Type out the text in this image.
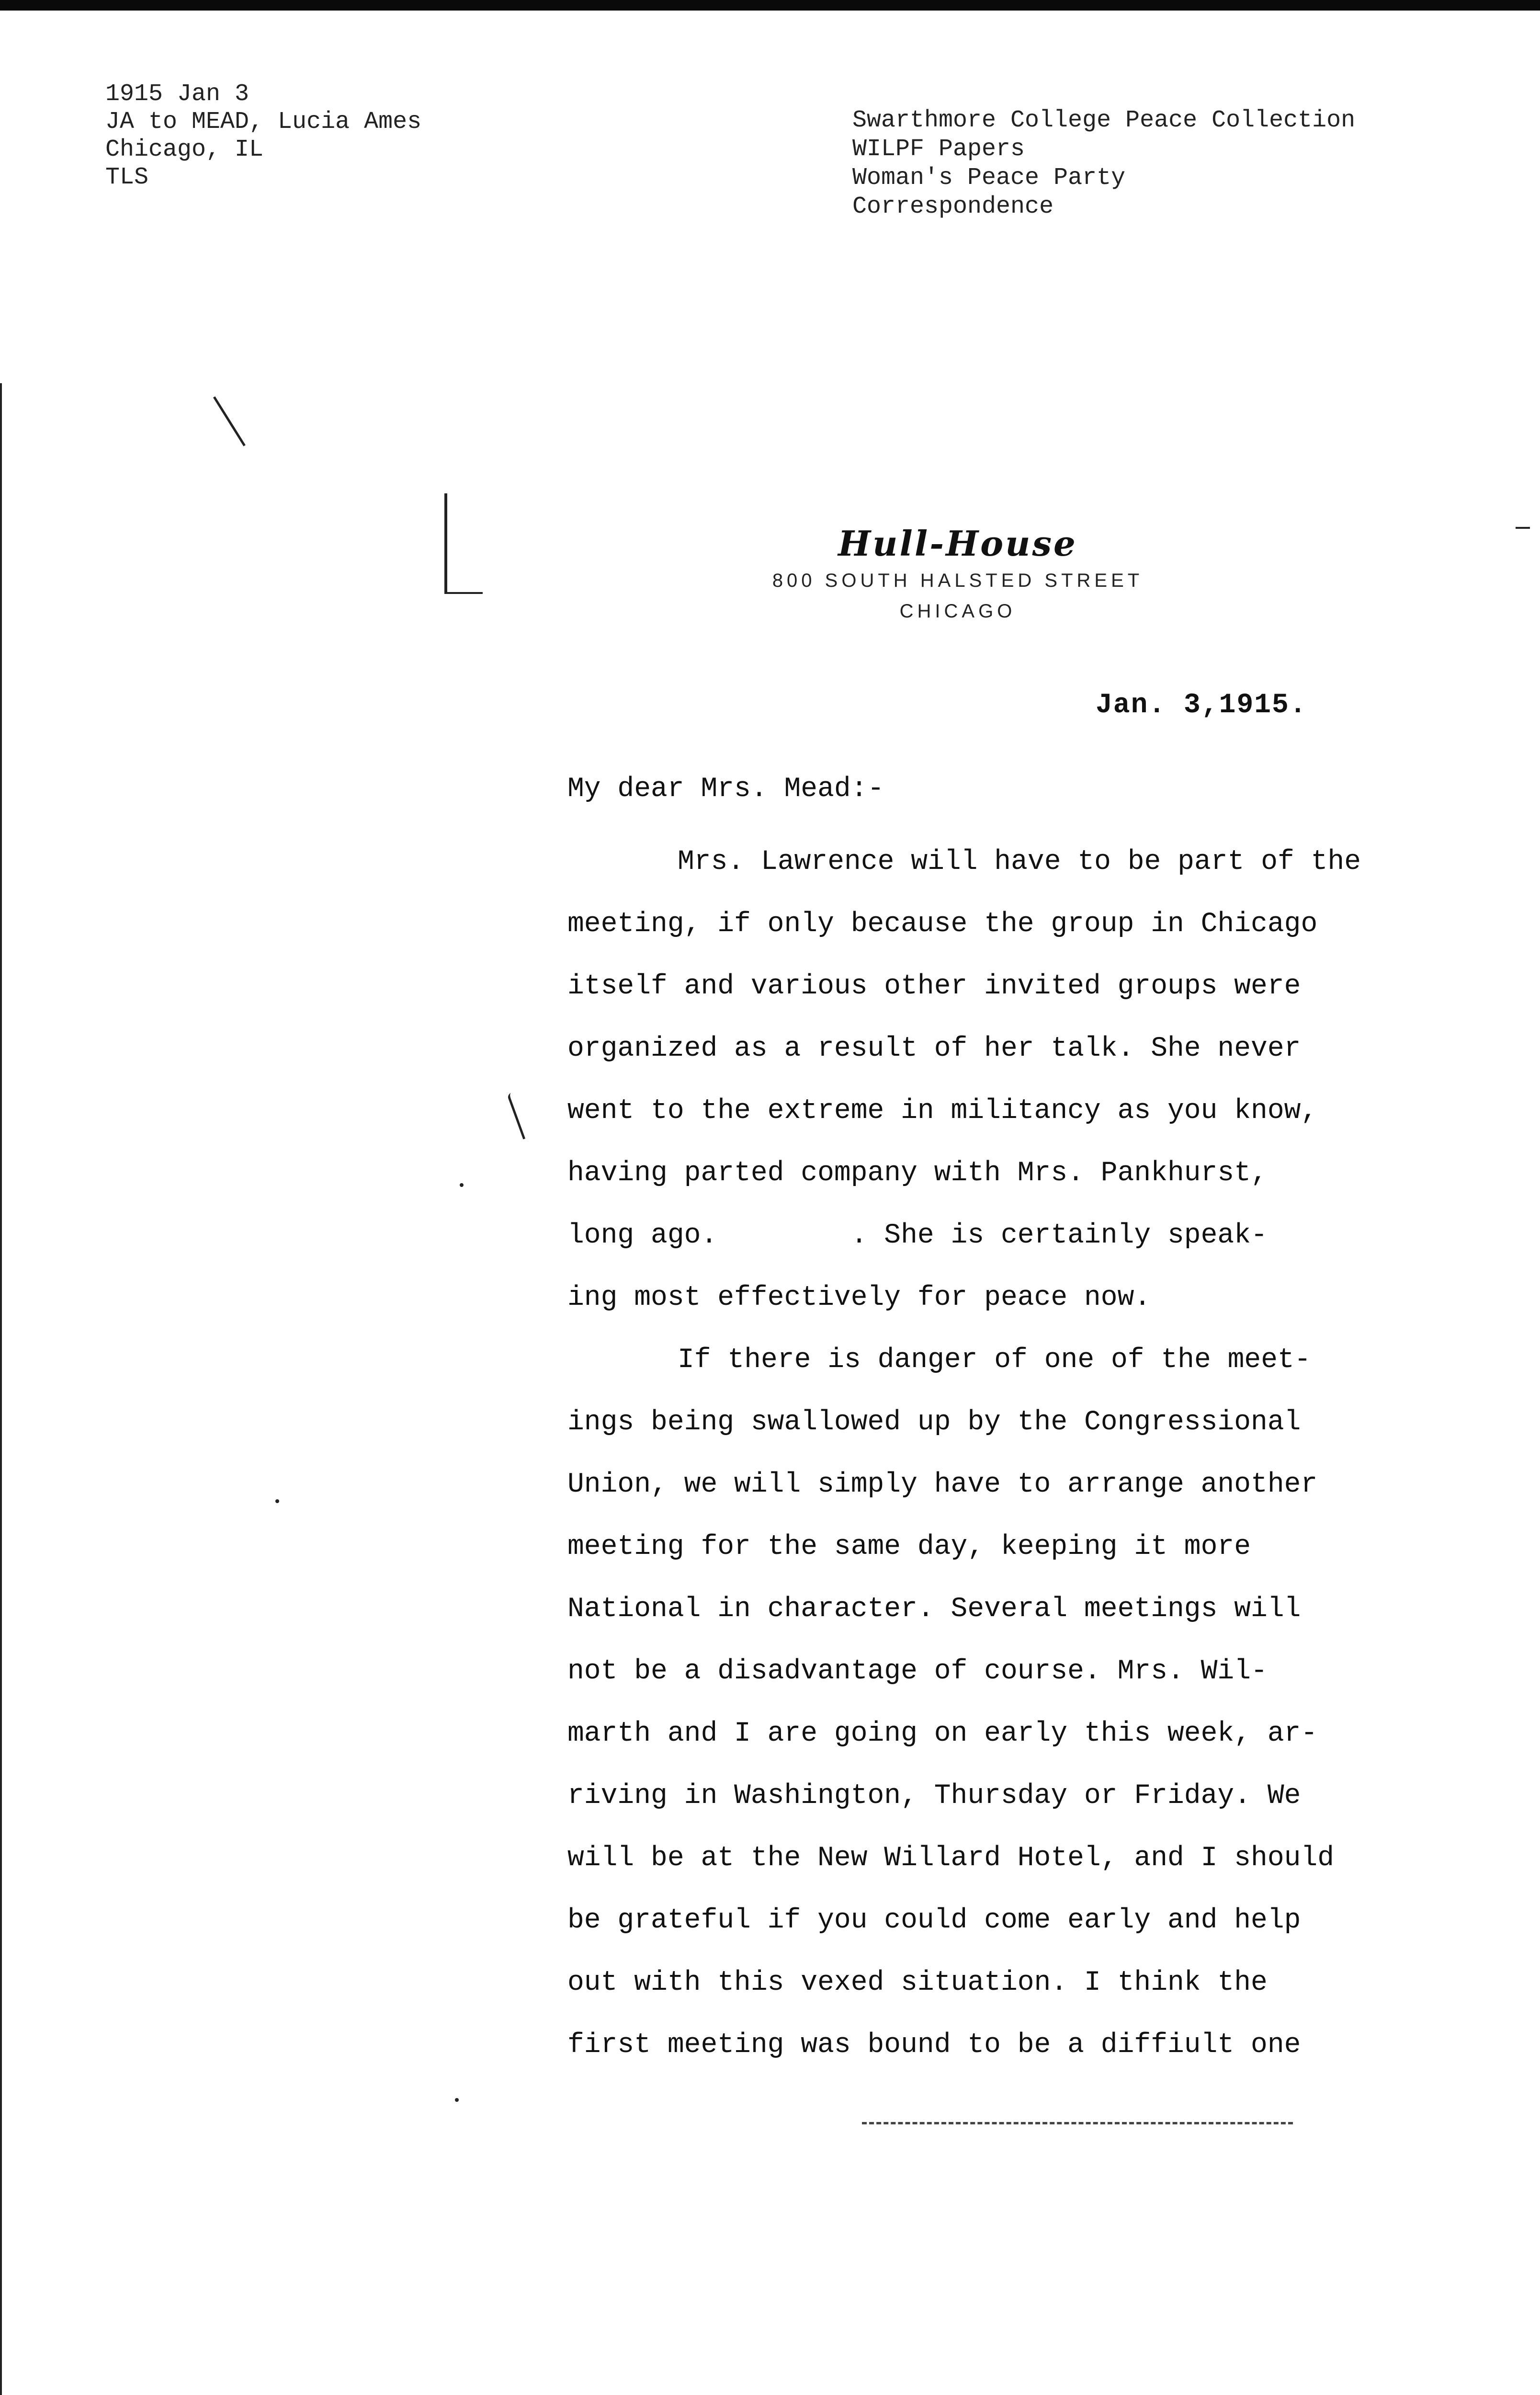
1915 Jan 3
JA to MEAD, Lucia Ames
Chicago, IL
TLS
Swarthmore College Peace Collection
WILPF Papers
Woman's Peace Party
Correspondence
Hull-House
800 SOUTH HALSTED STREET
CHICAGO
Jan. 3,1915.
My dear Mrs. Mead:-
Mrs. Lawrence will have to be part of the
meeting, if only because the group in Chicago
itself and various other invited groups were
organized as a result of her talk. She never
went to the extreme in militancy as you know,
having parted company with Mrs. Pankhurst,
long ago.        . She is certainly speak-
ing most effectively for peace now.
If there is danger of one of the meet-
ings being swallowed up by the Congressional
Union, we will simply have to arrange another
meeting for the same day, keeping it more
National in character. Several meetings will
not be a disadvantage of course. Mrs. Wil-
marth and I are going on early this week, ar-
riving in Washington, Thursday or Friday. We
will be at the New Willard Hotel, and I should
be grateful if you could come early and help
out with this vexed situation. I think the
first meeting was bound to be a diffiult one
